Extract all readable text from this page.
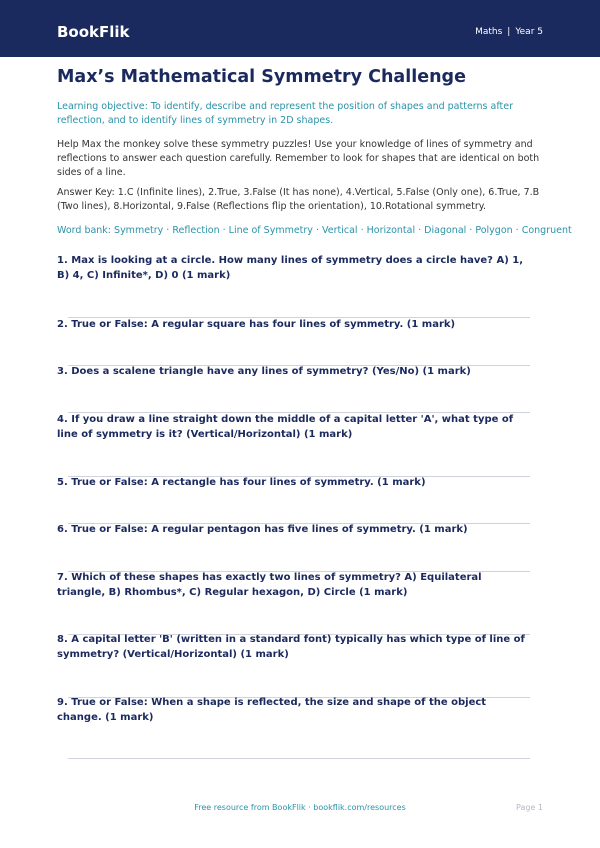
BookFlik	Maths | Year 5
Max’s Mathematical Symmetry Challenge
Learning objective: To identify, describe and represent the position of shapes and patterns after reflection, and to identify lines of symmetry in 2D shapes.
Help Max the monkey solve these symmetry puzzles! Use your knowledge of lines of symmetry and reflections to answer each question carefully. Remember to look for shapes that are identical on both sides of a line.
Answer Key: 1.C (Infinite lines), 2.True, 3.False (It has none), 4.Vertical, 5.False (Only one), 6.True, 7.B (Two lines), 8.Horizontal, 9.False (Reflections flip the orientation), 10.Rotational symmetry.
Word bank: Symmetry · Reflection · Line of Symmetry · Vertical · Horizontal · Diagonal · Polygon · Congruent
1. Max is looking at a circle. How many lines of symmetry does a circle have? A) 1, B) 4, C) Infinite*, D) 0 (1 mark)
2. True or False: A regular square has four lines of symmetry. (1 mark)
3. Does a scalene triangle have any lines of symmetry? (Yes/No) (1 mark)
4. If you draw a line straight down the middle of a capital letter 'A', what type of line of symmetry is it? (Vertical/Horizontal) (1 mark)
5. True or False: A rectangle has four lines of symmetry. (1 mark)
6. True or False: A regular pentagon has five lines of symmetry. (1 mark)
7. Which of these shapes has exactly two lines of symmetry? A) Equilateral triangle, B) Rhombus*, C) Regular hexagon, D) Circle (1 mark)
8. A capital letter 'B' (written in a standard font) typically has which type of line of symmetry? (Vertical/Horizontal) (1 mark)
9. True or False: When a shape is reflected, the size and shape of the object change. (1 mark)
Free resource from BookFlik · bookflik.com/resources	Page 1
